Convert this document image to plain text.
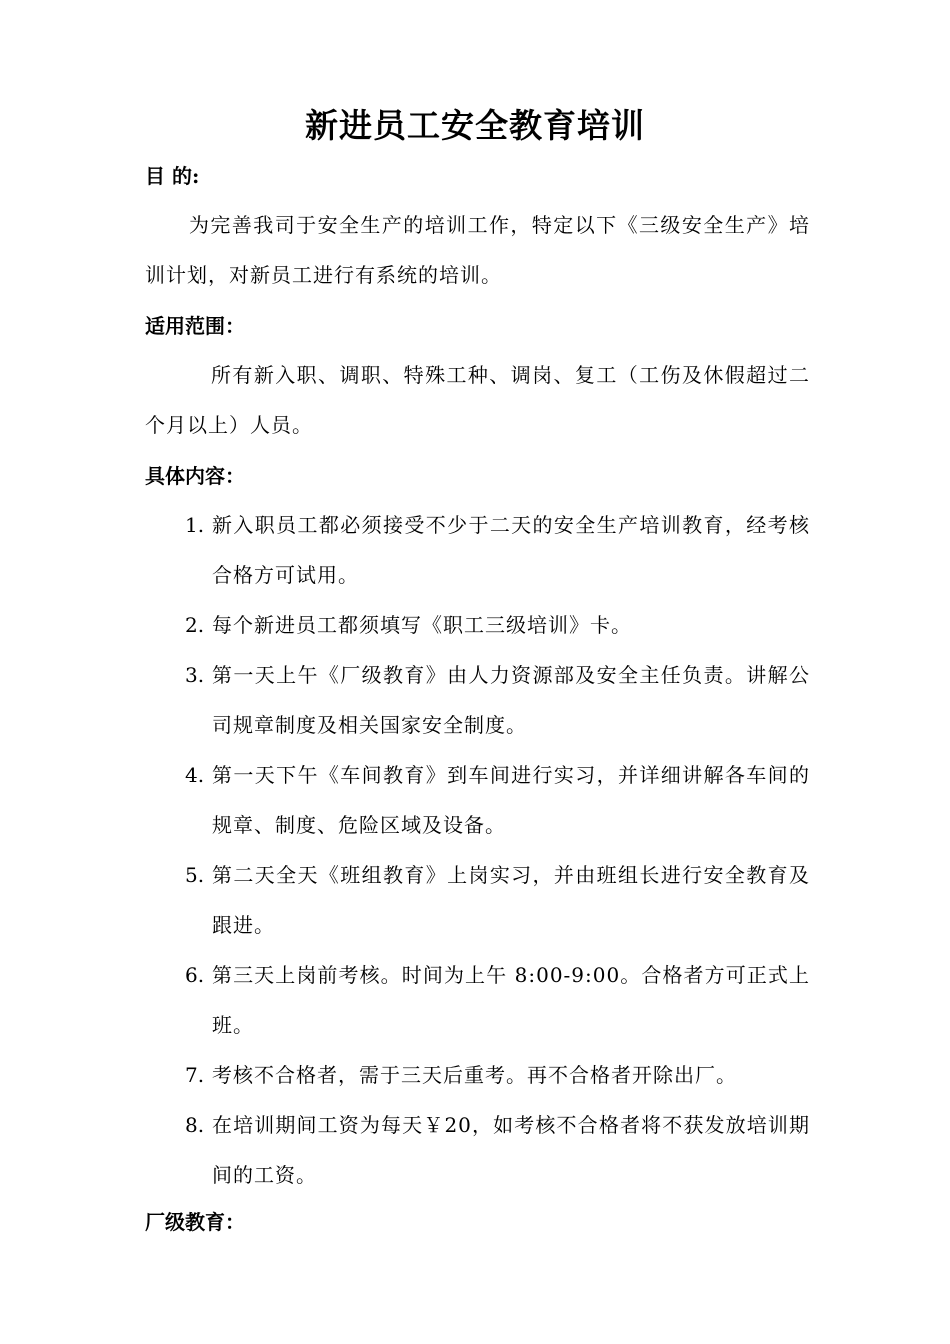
新进员工安全教育培训
目 的:
为完善我司于安全生产的培训工作，特定以下《三级安全生产》培训计划，对新员工进行有系统的培训。
适用范围：
所有新入职、调职、特殊工种、调岗、复工（工伤及休假超过二个月以上）人员。
具体内容：
1. 新入职员工都必须接受不少于二天的安全生产培训教育，经考核合格方可试用。
2. 每个新进员工都须填写《职工三级培训》卡。
3. 第一天上午《厂级教育》由人力资源部及安全主任负责。讲解公司规章制度及相关国家安全制度。
4. 第一天下午《车间教育》到车间进行实习，并详细讲解各车间的规章、制度、危险区域及设备。
5. 第二天全天《班组教育》上岗实习，并由班组长进行安全教育及跟进。
6. 第三天上岗前考核。时间为上午 8:00-9:00。合格者方可正式上班。
7. 考核不合格者，需于三天后重考。再不合格者开除出厂。
8. 在培训期间工资为每天￥20，如考核不合格者将不获发放培训期间的工资。
厂级教育：
